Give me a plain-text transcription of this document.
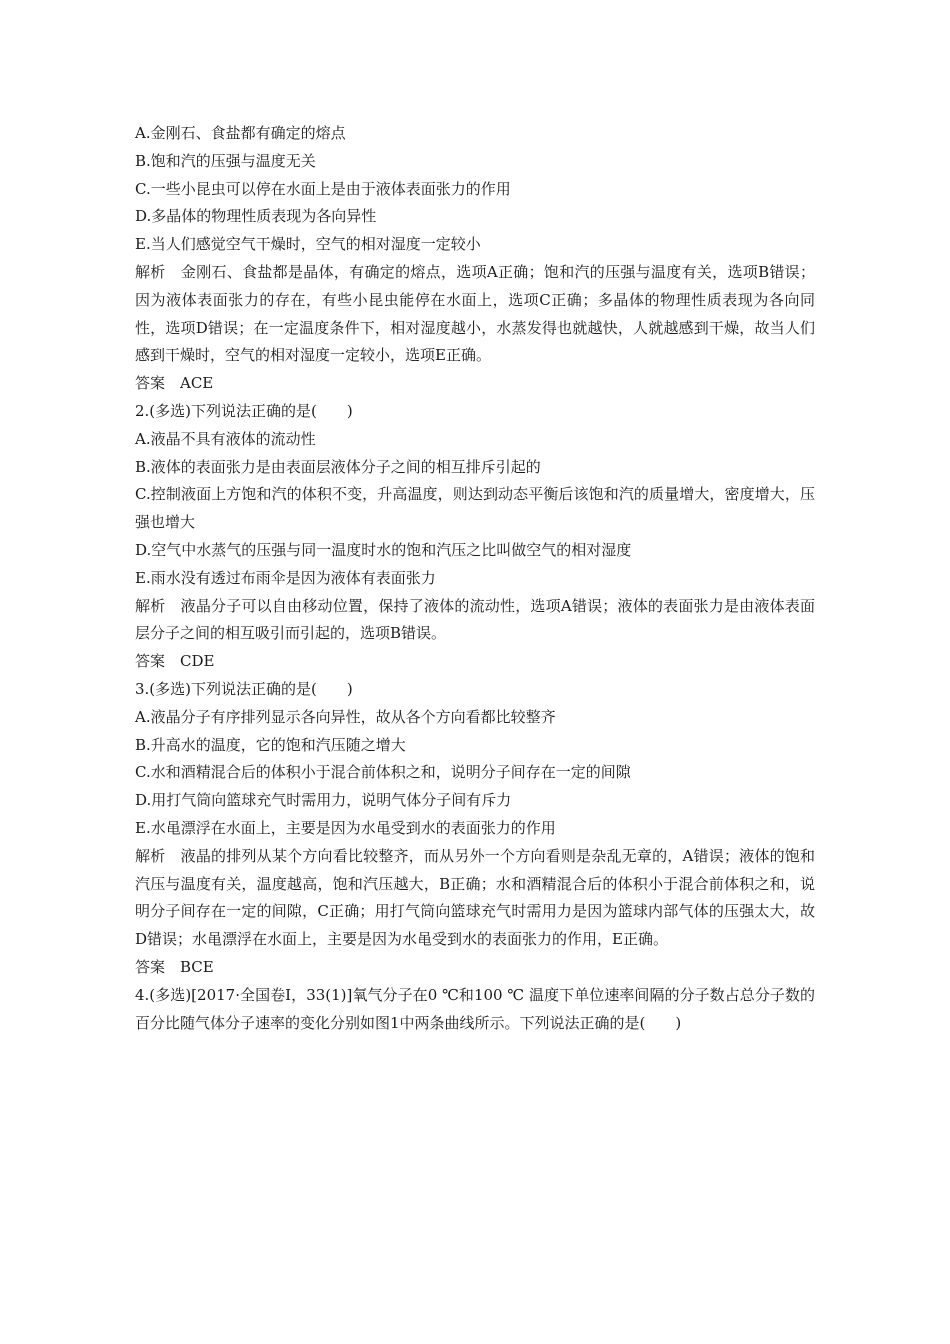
A.金刚石、食盐都有确定的熔点

B.饱和汽的压强与温度无关

C.一些小昆虫可以停在水面上是由于液体表面张力的作用

D.多晶体的物理性质表现为各向异性

E.当人们感觉空气干燥时，空气的相对湿度一定较小

解析　金刚石、食盐都是晶体，有确定的熔点，选项A正确；饱和汽的压强与温度有关，选项B错误；因为液体表面张力的存在，有些小昆虫能停在水面上，选项C正确；多晶体的物理性质表现为各向同性，选项D错误；在一定温度条件下，相对湿度越小，水蒸发得也就越快，人就越感到干燥，故当人们感到干燥时，空气的相对湿度一定较小，选项E正确。

答案　ACE

2.(多选)下列说法正确的是(　　)

A.液晶不具有液体的流动性

B.液体的表面张力是由表面层液体分子之间的相互排斥引起的

C.控制液面上方饱和汽的体积不变，升高温度，则达到动态平衡后该饱和汽的质量增大，密度增大，压强也增大

D.空气中水蒸气的压强与同一温度时水的饱和汽压之比叫做空气的相对湿度

E.雨水没有透过布雨伞是因为液体有表面张力

解析　液晶分子可以自由移动位置，保持了液体的流动性，选项A错误；液体的表面张力是由液体表面层分子之间的相互吸引而引起的，选项B错误。

答案　CDE

3.(多选)下列说法正确的是(　　)

A.液晶分子有序排列显示各向异性，故从各个方向看都比较整齐

B.升高水的温度，它的饱和汽压随之增大

C.水和酒精混合后的体积小于混合前体积之和，说明分子间存在一定的间隙

D.用打气筒向篮球充气时需用力，说明气体分子间有斥力

E.水黾漂浮在水面上，主要是因为水黾受到水的表面张力的作用

解析　液晶的排列从某个方向看比较整齐，而从另外一个方向看则是杂乱无章的，A错误；液体的饱和汽压与温度有关，温度越高，饱和汽压越大，B正确；水和酒精混合后的体积小于混合前体积之和，说明分子间存在一定的间隙，C正确；用打气筒向篮球充气时需用力是因为篮球内部气体的压强太大，故D错误；水黾漂浮在水面上，主要是因为水黾受到水的表面张力的作用，E正确。

答案　BCE

4.(多选)[2017·全国卷Ⅰ，33(1)]氧气分子在0 ℃和100 ℃ 温度下单位速率间隔的分子数占总分子数的百分比随气体分子速率的变化分别如图1中两条曲线所示。下列说法正确的是(　　)
